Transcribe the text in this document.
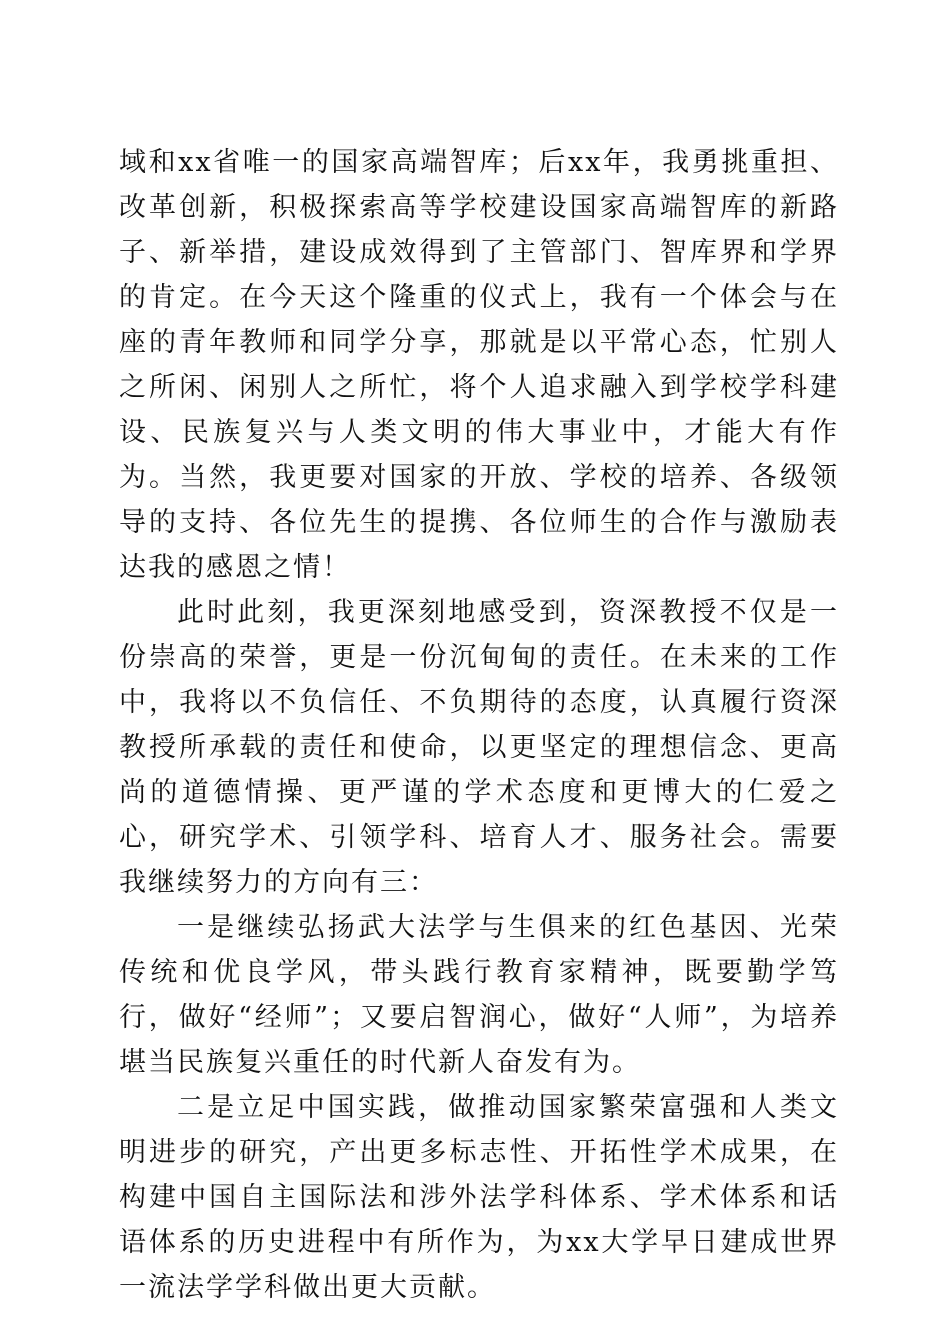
域和xx省唯一的国家高端智库；后xx年，我勇挑重担、改革创新，积极探索高等学校建设国家高端智库的新路子、新举措，建设成效得到了主管部门、智库界和学界的肯定。在今天这个隆重的仪式上，我有一个体会与在座的青年教师和同学分享，那就是以平常心态，忙别人之所闲、闲别人之所忙，将个人追求融入到学校学科建设、民族复兴与人类文明的伟大事业中，才能大有作为。当然，我更要对国家的开放、学校的培养、各级领导的支持、各位先生的提携、各位师生的合作与激励表达我的感恩之情！

此时此刻，我更深刻地感受到，资深教授不仅是一份崇高的荣誉，更是一份沉甸甸的责任。在未来的工作中，我将以不负信任、不负期待的态度，认真履行资深教授所承载的责任和使命，以更坚定的理想信念、更高尚的道德情操、更严谨的学术态度和更博大的仁爱之心，研究学术、引领学科、培育人才、服务社会。需要我继续努力的方向有三：

一是继续弘扬武大法学与生俱来的红色基因、光荣传统和优良学风，带头践行教育家精神，既要勤学笃行，做好“经师”；又要启智润心，做好“人师”，为培养堪当民族复兴重任的时代新人奋发有为。

二是立足中国实践，做推动国家繁荣富强和人类文明进步的研究，产出更多标志性、开拓性学术成果，在构建中国自主国际法和涉外法学科体系、学术体系和话语体系的历史进程中有所作为，为xx大学早日建成世界一流法学学科做出更大贡献。
